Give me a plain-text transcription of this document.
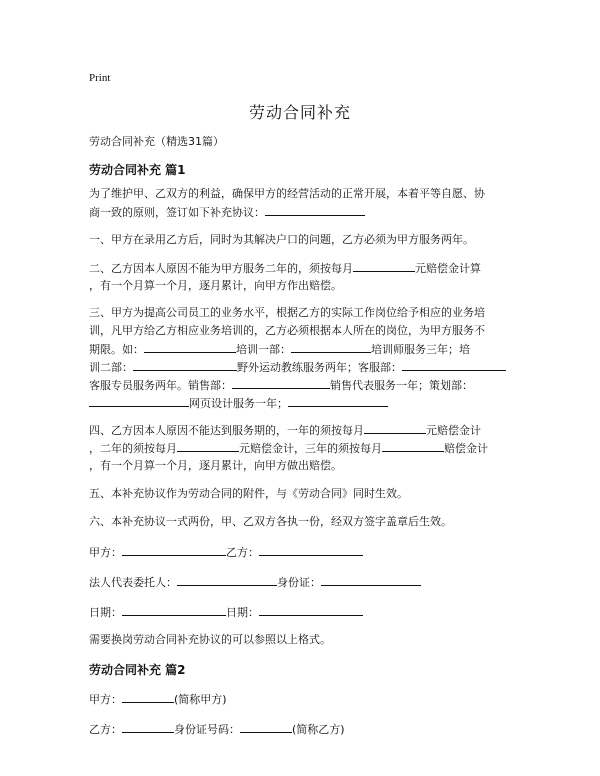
Print
劳动合同补充
劳动合同补充（精选31篇）
劳动合同补充 篇1
为了维护甲、乙双方的利益，确保甲方的经营活动的正常开展，本着平等自愿、协
商一致的原则，签订如下补充协议：
一、甲方在录用乙方后，同时为其解决户口的问题，乙方必须为甲方服务两年。
二、乙方因本人原因不能为甲方服务二年的，须按每月	元赔偿金计算
，有一个月算一个月，逐月累计，向甲方作出赔偿。
三、甲方为提高公司员工的业务水平，根据乙方的实际工作岗位给予相应的业务培
训，凡甲方给乙方相应业务培训的，乙方必须根据本人所在的岗位，为甲方服务不
期限。如：	培训一部：	培训师服务三年；培
训二部：	野外运动教练服务两年；客服部：
客服专员服务两年。销售部：	销售代表服务一年；策划部：
网页设计服务一年；
四、乙方因本人原因不能达到服务期的，一年的须按每月	元赔偿金计
，二年的须按每月	元赔偿金计，三年的须按每月	赔偿金计
，有一个月算一个月，逐月累计，向甲方做出赔偿。
五、本补充协议作为劳动合同的附件，与《劳动合同》同时生效。
六、本补充协议一式两份，甲、乙双方各执一份，经双方签字盖章后生效。
甲方：	乙方：
法人代表委托人：	身份证：
日期：	日期：
需要换岗劳动合同补充协议的可以参照以上格式。
劳动合同补充 篇2
甲方：	(简称甲方)
乙方：	身份证号码：	(简称乙方)
